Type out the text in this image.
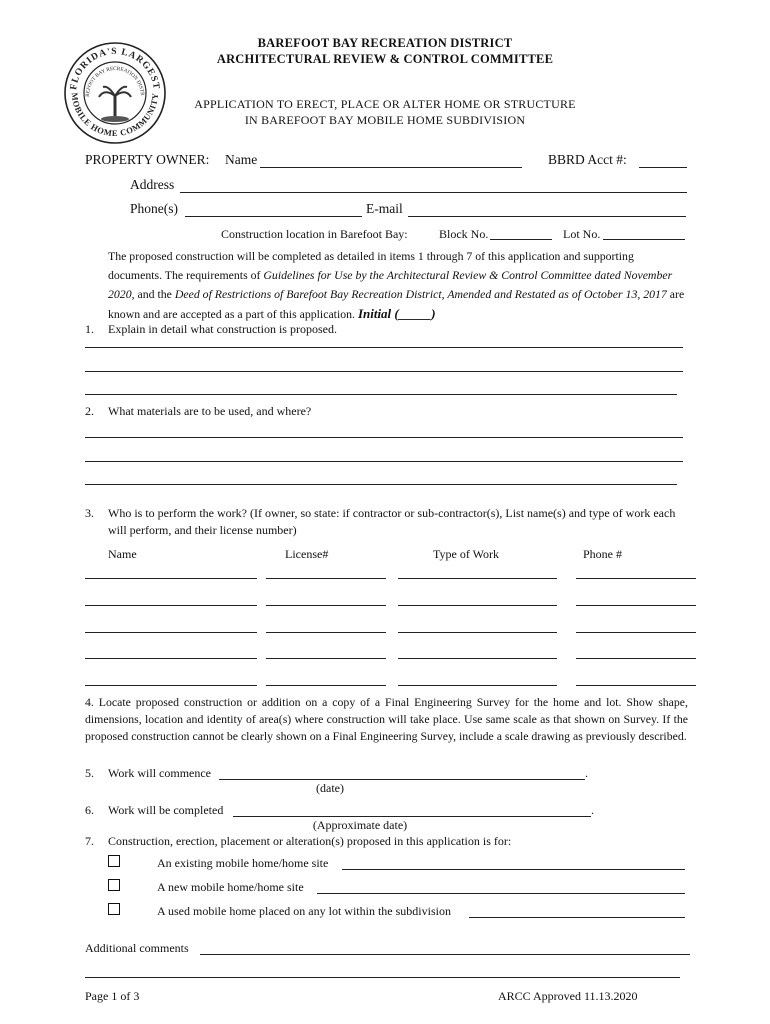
FLORIDA'S LARGEST
MOBILE HOME COMMUNITY
REFOOT BAY RECREATION DISTR
BAREFOOT BAY RECREATION DISTRICT
ARCHITECTURAL REVIEW & CONTROL COMMITTEE
APPLICATION TO ERECT, PLACE OR ALTER HOME OR STRUCTURE
IN BAREFOOT BAY MOBILE HOME SUBDIVISION
PROPERTY OWNER: Name	BBRD Acct #:
Address
Phone(s)	E-mail
Construction location in Barefoot Bay:	Block No.	Lot No.
The proposed construction will be completed as detailed in items 1 through 7 of this application and supporting documents. The requirements of Guidelines for Use by the Architectural Review & Control Committee dated November 2020, and the Deed of Restrictions of Barefoot Bay Recreation District, Amended and Restated as of October 13, 2017 are known and are accepted as a part of this application. Initial (_____)
1. Explain in detail what construction is proposed.
2. What materials are to be used, and where?
3. Who is to perform the work? (If owner, so state: if contractor or sub-contractor(s), List name(s) and type of work each will perform, and their license number)
Name	License#	Type of Work	Phone #
4. Locate proposed construction or addition on a copy of a Final Engineering Survey for the home and lot. Show shape, dimensions, location and identity of area(s) where construction will take place. Use same scale as that shown on Survey. If the proposed construction cannot be clearly shown on a Final Engineering Survey, include a scale drawing as previously described.
5. Work will commence	.
(date)
6. Work will be completed	.
(Approximate date)
7. Construction, erection, placement or alteration(s) proposed in this application is for:
An existing mobile home/home site
A new mobile home/home site
A used mobile home placed on any lot within the subdivision
Additional comments
Page 1 of 3	ARCC Approved 11.13.2020
